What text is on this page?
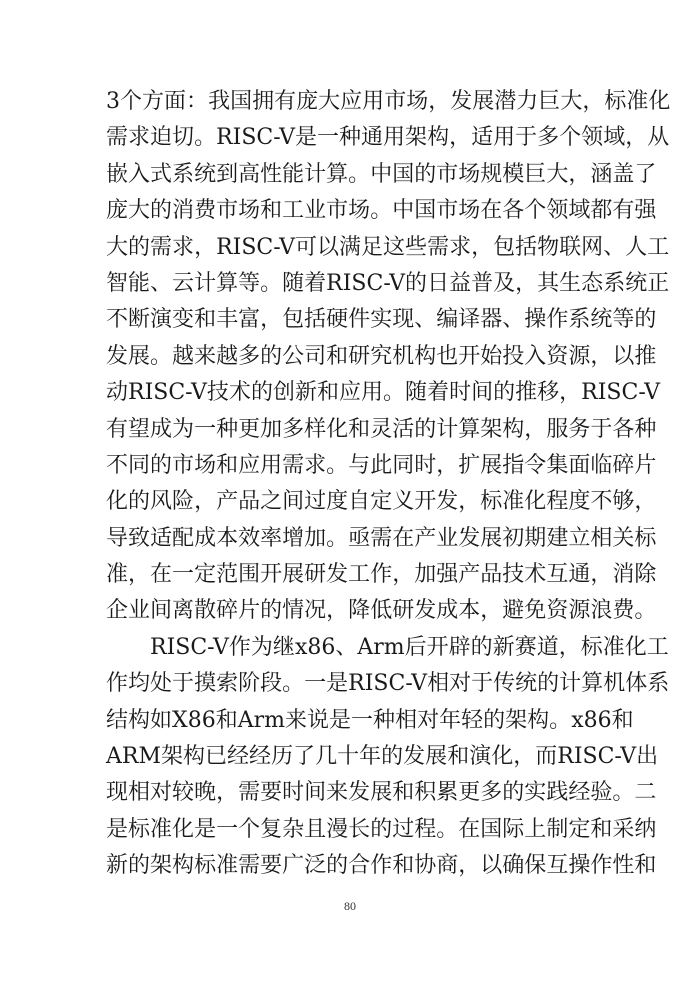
3 个 方 面 ： 我 国 拥 有 庞 大 应 用 市 场 ， 发 展 潜 力 巨 大 ， 标 准 化
需 求 迫 切 。 RISC-V 是 一 种 通 用 架 构 ， 适 用 于 多 个 领 域 ， 从
嵌 入 式 系 统 到 高 性 能 计 算 。 中 国 的 市 场 规 模 巨 大 ， 涵 盖 了
庞 大 的 消 费 市 场 和 工 业 市 场 。 中 国 市 场 在 各 个 领 域 都 有 强
大 的 需 求 ， RISC-V 可 以 满 足 这 些 需 求 ， 包 括 物 联 网 、 人 工
智 能 、 云 计 算 等 。 随 着 RISC-V 的 日 益 普 及 ， 其 生 态 系 统 正
不 断 演 变 和 丰 富 ， 包 括 硬 件 实 现 、 编 译 器 、 操 作 系 统 等 的
发 展 。 越 来 越 多 的 公 司 和 研 究 机 构 也 开 始 投 入 资 源 ， 以 推
动 RISC-V 技 术 的 创 新 和 应 用 。 随 着 时 间 的 推 移 ， RISC-V
有 望 成 为 一 种 更 加 多 样 化 和 灵 活 的 计 算 架 构 ， 服 务 于 各 种
不 同 的 市 场 和 应 用 需 求 。 与 此 同 时 ， 扩 展 指 令 集 面 临 碎 片
化 的 风 险 ， 产 品 之 间 过 度 自 定 义 开 发 ， 标 准 化 程 度 不 够 ，
导 致 适 配 成 本 效 率 增 加 。 亟 需 在 产 业 发 展 初 期 建 立 相 关 标
准 ， 在 一 定 范 围 开 展 研 发 工 作 ， 加 强 产 品 技 术 互 通 ， 消 除
企 业 间 离 散 碎 片 的 情 况 ， 降 低 研 发 成 本 ， 避 免 资 源 浪 费 。
RISC-V 作 为 继 x86 、 Arm 后 开 辟 的 新 赛 道 ， 标 准 化 工
作 均 处 于 摸 索 阶 段 。 一 是 RISC-V 相 对 于 传 统 的 计 算 机 体 系
结 构 如 X86 和 Arm 来 说 是 一 种 相 对 年 轻 的 架 构 。 x86 和
ARM 架 构 已 经 经 历 了 几 十 年 的 发 展 和 演 化 ， 而 RISC-V 出
现 相 对 较 晚 ， 需 要 时 间 来 发 展 和 积 累 更 多 的 实 践 经 验 。 二
是 标 准 化 是 一 个 复 杂 且 漫 长 的 过 程 。 在 国 际 上 制 定 和 采 纳
新 的 架 构 标 准 需 要 广 泛 的 合 作 和 协 商 ， 以 确 保 互 操 作 性 和
80
